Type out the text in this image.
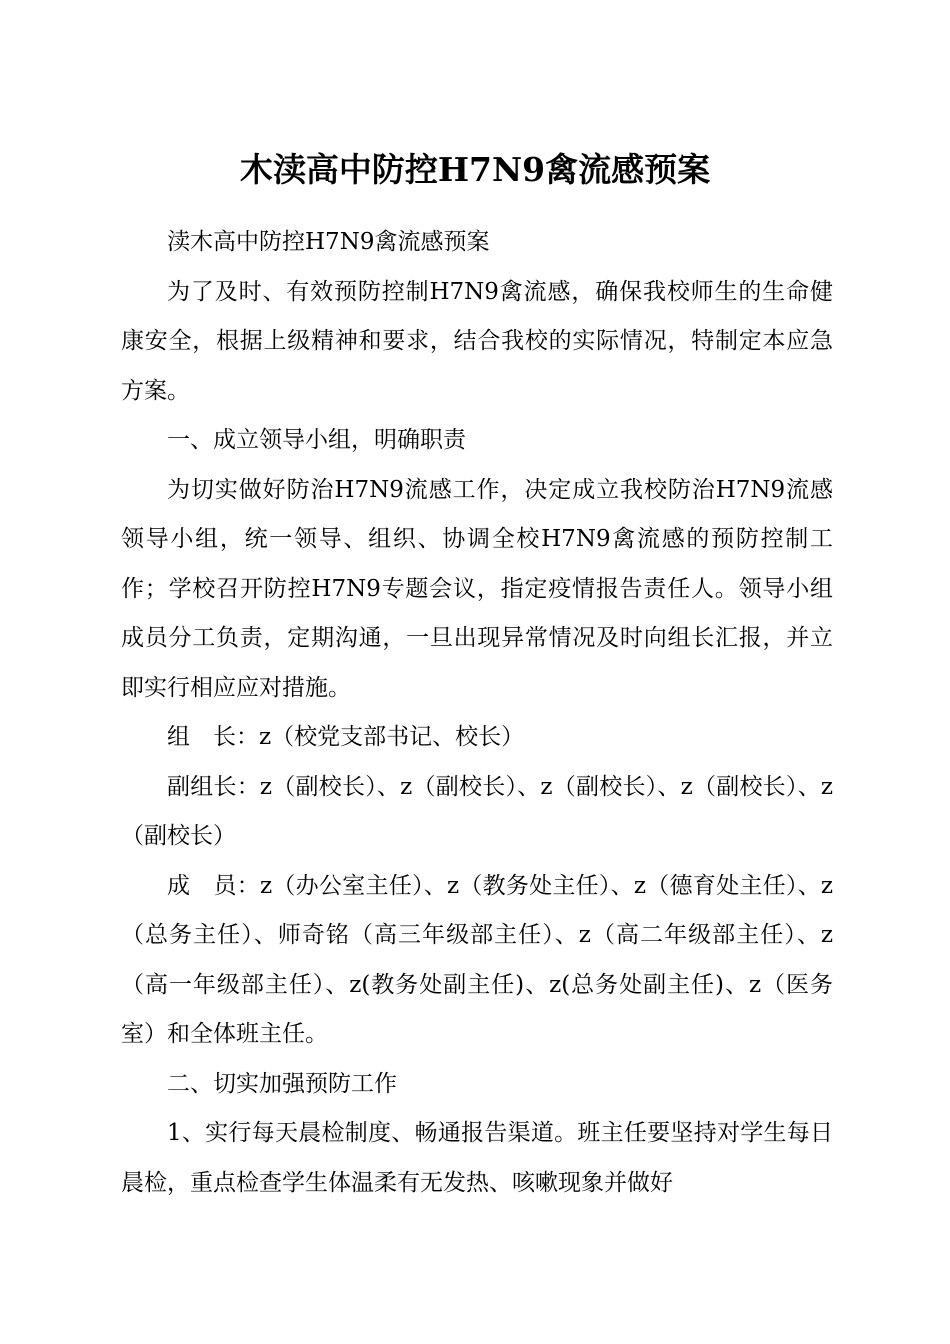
木渎高中防控H7N9禽流感预案

渎木高中防控H7N9禽流感预案

为了及时、有效预防控制H7N9禽流感，确保我校师生的生命健康安全，根据上级精神和要求，结合我校的实际情况，特制定本应急方案。

一、成立领导小组，明确职责

为切实做好防治H7N9流感工作，决定成立我校防治H7N9流感领导小组，统一领导、组织、协调全校H7N9禽流感的预防控制工作；学校召开防控H7N9专题会议，指定疫情报告责任人。领导小组成员分工负责，定期沟通，一旦出现异常情况及时向组长汇报，并立即实行相应应对措施。

组　长：z（校党支部书记、校长）

副组长：z（副校长）、z（副校长）、z（副校长）、z（副校长）、z（副校长）

成　员：z（办公室主任）、z（教务处主任）、z（德育处主任）、z（总务主任）、师奇铭（高三年级部主任）、z（高二年级部主任）、z（高一年级部主任）、z(教务处副主任)、z(总务处副主任)、z（医务室）和全体班主任。

二、切实加强预防工作

1、实行每天晨检制度、畅通报告渠道。班主任要坚持对学生每日晨检，重点检查学生体温柔有无发热、咳嗽现象并做好
